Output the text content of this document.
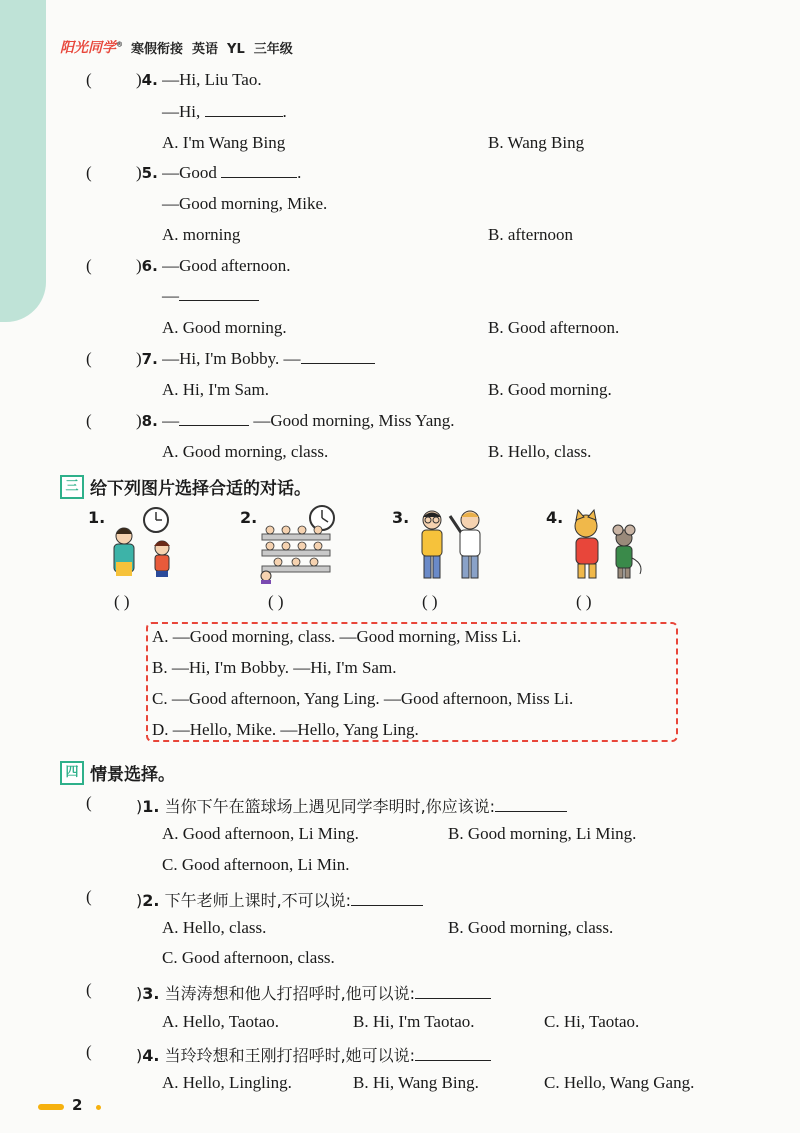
阳光同学® 寒假衔接 英语 YL 三年级
(	)4. —Hi, Liu Tao.
—Hi,	.
A. I'm Wang Bing	B. Wang Bing
(	)5. —Good	.
—Good morning, Mike.
A. morning	B. afternoon
(	)6. —Good afternoon.
—
A. Good morning.	B. Good afternoon.
(	)7. —Hi, I'm Bobby. —
A. Hi, I'm Sam.	B. Good morning.
(	)8. —	—Good morning, Miss Yang.
A. Good morning, class.	B. Hello, class.
三 给下列图片选择合适的对话。
1.	2.	3.	4.
( )	( )	( )	( )
A. —Good morning, class. —Good morning, Miss Li.
B. —Hi, I'm Bobby. —Hi, I'm Sam.
C. —Good afternoon, Yang Ling. —Good afternoon, Miss Li.
D. —Hello, Mike. —Hello, Yang Ling.
四 情景选择。
(	)1. 当你下午在篮球场上遇见同学李明时,你应该说:
A. Good afternoon, Li Ming.	B. Good morning, Li Ming.
C. Good afternoon, Li Min.
(	)2. 下午老师上课时,不可以说:
A. Hello, class.	B. Good morning, class.
C. Good afternoon, class.
(	)3. 当涛涛想和他人打招呼时,他可以说:
A. Hello, Taotao.	B. Hi, I'm Taotao.	C. Hi, Taotao.
(	)4. 当玲玲想和王刚打招呼时,她可以说:
A. Hello, Lingling.	B. Hi, Wang Bing.	C. Hello, Wang Gang.
2
